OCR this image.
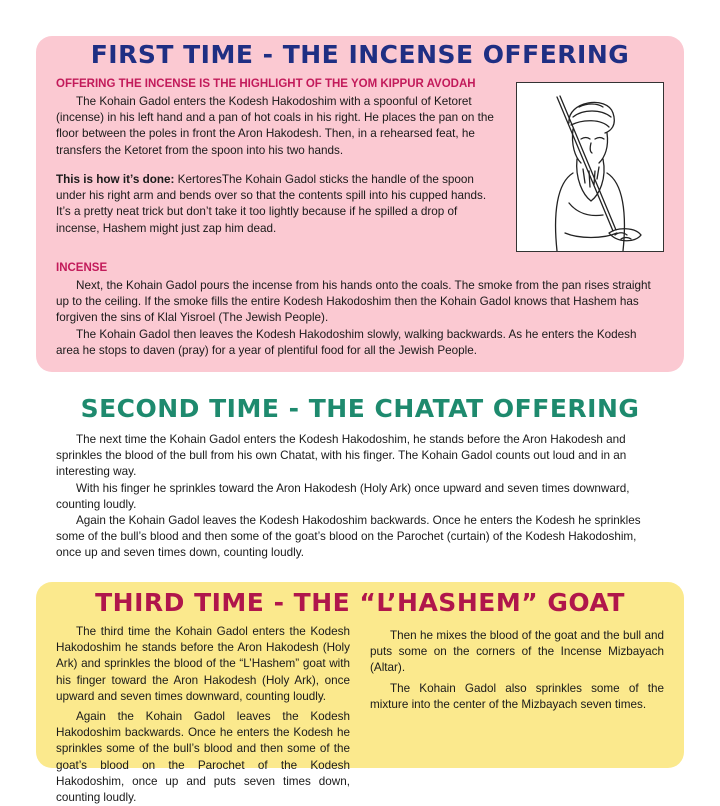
FIRST TIME - THE INCENSE OFFERING
OFFERING THE INCENSE IS THE HIGHLIGHT OF THE YOM KIPPUR AVODAH

The Kohain Gadol enters the Kodesh Hakodoshim with a spoonful of Ketoret (incense) in his left hand and a pan of hot coals in his right. He places the pan on the floor between the poles in front the Aron Hakodesh. Then, in a rehearsed feat, he transfers the Ketoret from the spoon into his two hands.

This is how it’s done: KertoresThe Kohain Gadol sticks the handle of the spoon under his right arm and bends over so that the contents spill into his cupped hands. It’s a pretty neat trick but don’t take it too lightly because if he spilled a drop of incense, Hashem might just zap him dead.

INCENSE

Next, the Kohain Gadol pours the incense from his hands onto the coals. The smoke from the pan rises straight up to the ceiling. If the smoke fills the entire Kodesh Hakodoshim then the Kohain Gadol knows that Hashem has forgiven the sins of Klal Yisroel (The Jewish People).

The Kohain Gadol then leaves the Kodesh Hakodoshim slowly, walking backwards. As he enters the Kodesh area he stops to daven (pray) for a year of plentiful food for all the Jewish People.

SECOND TIME - THE CHATAT OFFERING

The next time the Kohain Gadol enters the Kodesh Hakodoshim, he stands before the Aron Hakodesh and sprinkles the blood of the bull from his own Chatat, with his finger. The Kohain Gadol counts out loud and in an interesting way.

With his finger he sprinkles toward the Aron Hakodesh (Holy Ark) once upward and seven times downward, counting loudly.

Again the Kohain Gadol leaves the Kodesh Hakodoshim backwards. Once he enters the Kodesh he sprinkles some of the bull’s blood and then some of the goat’s blood on the Parochet (curtain) of the Kodesh Hakodoshim, once up and seven times down, counting loudly.

THIRD TIME - THE “L’HASHEM” GOAT

The third time the Kohain Gadol enters the Kodesh Hakodoshim he stands before the Aron Hakodesh (Holy Ark) and sprinkles the blood of the “L’Hashem” goat with his finger toward the Aron Hakodesh (Holy Ark), once upward and seven times downward, counting loudly.

Again the Kohain Gadol leaves the Kodesh Hakodoshim backwards. Once he enters the Kodesh he sprinkles some of the bull’s blood and then some of the goat’s blood on the Parochet of the Kodesh Hakodoshim, once up and puts seven times down, counting loudly.

Then he mixes the blood of the goat and the bull and puts some on the corners of the Incense Mizbayach (Altar).

The Kohain Gadol also sprinkles some of the mixture into the center of the Mizbayach seven times.
